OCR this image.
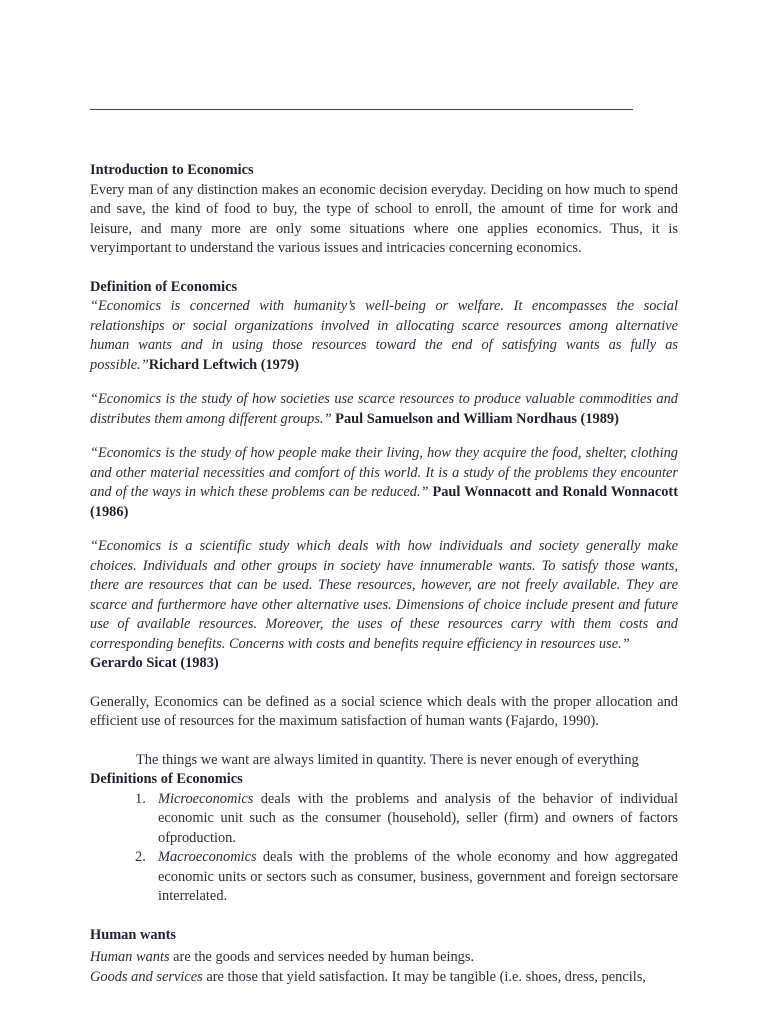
Introduction to Economics

Every man of any distinction makes an economic decision everyday. Deciding on how much to spend and save, the kind of food to buy, the type of school to enroll, the amount of time for work and leisure, and many more are only some situations where one applies economics. Thus, it is veryimportant to understand the various issues and intricacies concerning economics.

Definition of Economics

“Economics is concerned with humanity’s well-being or welfare. It encompasses the social relationships or social organizations involved in allocating scarce resources among alternative human wants and in using those resources toward the end of satisfying wants as fully as possible.”Richard Leftwich (1979)

“Economics is the study of how societies use scarce resources to produce valuable commodities and distributes them among different groups.” Paul Samuelson and William Nordhaus (1989)

“Economics is the study of how people make their living, how they acquire the food, shelter, clothing and other material necessities and comfort of this world. It is a study of the problems they encounter and of the ways in which these problems can be reduced.” Paul Wonnacott and Ronald Wonnacott (1986)

“Economics is a scientific study which deals with how individuals and society generally make choices. Individuals and other groups in society have innumerable wants. To satisfy those wants, there are resources that can be used. These resources, however, are not freely available. They are scarce and furthermore have other alternative uses. Dimensions of choice include present and future use of available resources. Moreover, the uses of these resources carry with them costs and corresponding benefits. Concerns with costs and benefits require efficiency in resources use.”

Gerardo Sicat (1983)

Generally, Economics can be defined as a social science which deals with the proper allocation and efficient use of resources for the maximum satisfaction of human wants (Fajardo, 1990).

The things we want are always limited in quantity. There is never enough of everything

Definitions of Economics

1. Microeconomics deals with the problems and analysis of the behavior of individual economic unit such as the consumer (household), seller (firm) and owners of factors ofproduction.
2. Macroeconomics deals with the problems of the whole economy and how aggregated economic units or sectors such as consumer, business, government and foreign sectorsare interrelated.

Human wants

Human wants are the goods and services needed by human beings.

Goods and services are those that yield satisfaction. It may be tangible (i.e. shoes, dress, pencils,
